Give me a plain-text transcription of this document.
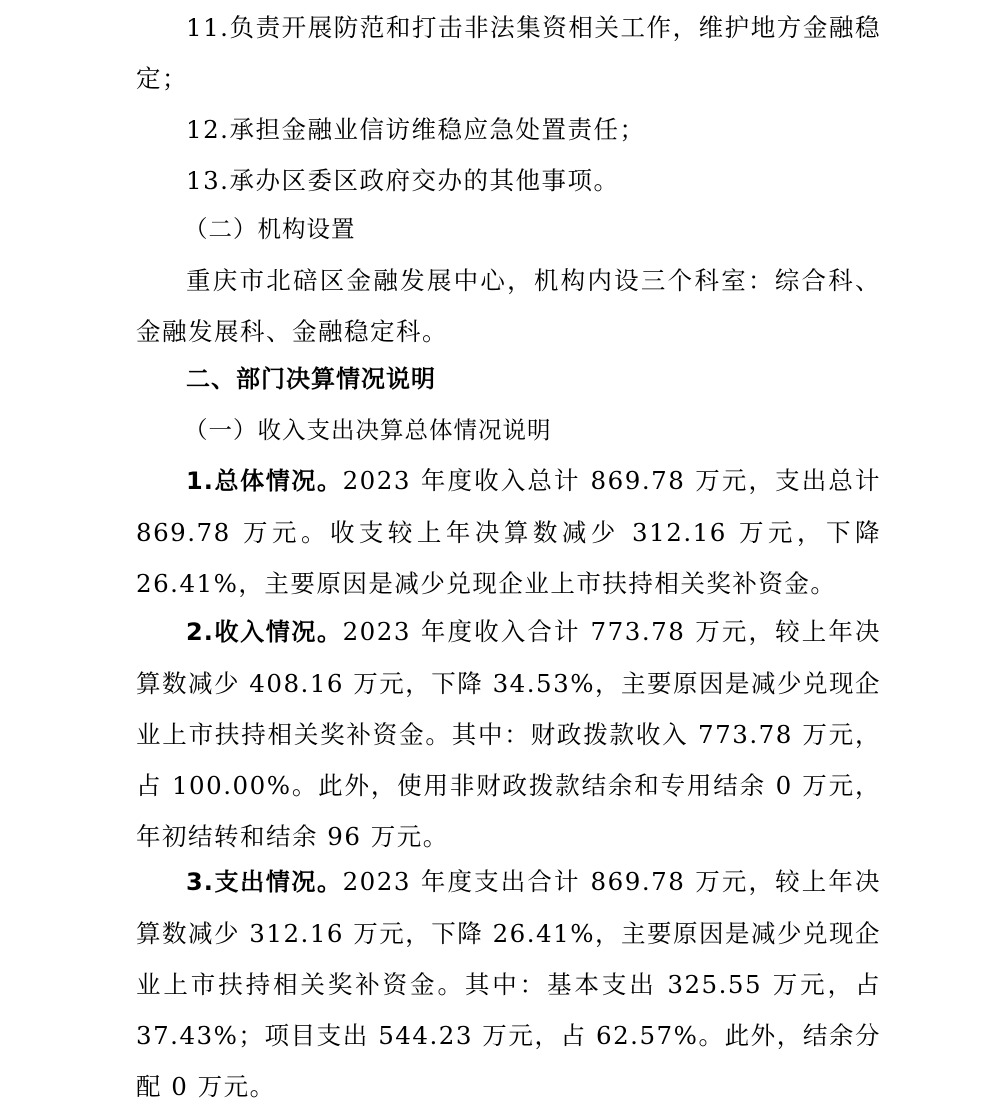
11.负责开展防范和打击非法集资相关工作，维护地方金融稳定；

12.承担金融业信访维稳应急处置责任；

13.承办区委区政府交办的其他事项。

（二）机构设置

重庆市北碚区金融发展中心，机构内设三个科室：综合科、金融发展科、金融稳定科。

二、部门决算情况说明

（一）收入支出决算总体情况说明

1.总体情况。2023 年度收入总计 869.78 万元，支出总计 869.78 万元。收支较上年决算数减少 312.16 万元，下降 26.41%，主要原因是减少兑现企业上市扶持相关奖补资金。

2.收入情况。2023 年度收入合计 773.78 万元，较上年决算数减少 408.16 万元，下降 34.53%，主要原因是减少兑现企业上市扶持相关奖补资金。其中：财政拨款收入 773.78 万元，占 100.00%。此外，使用非财政拨款结余和专用结余 0 万元，年初结转和结余 96 万元。

3.支出情况。2023 年度支出合计 869.78 万元，较上年决算数减少 312.16 万元，下降 26.41%，主要原因是减少兑现企业上市扶持相关奖补资金。其中：基本支出 325.55 万元，占 37.43%；项目支出 544.23 万元，占 62.57%。此外，结余分配 0 万元。
